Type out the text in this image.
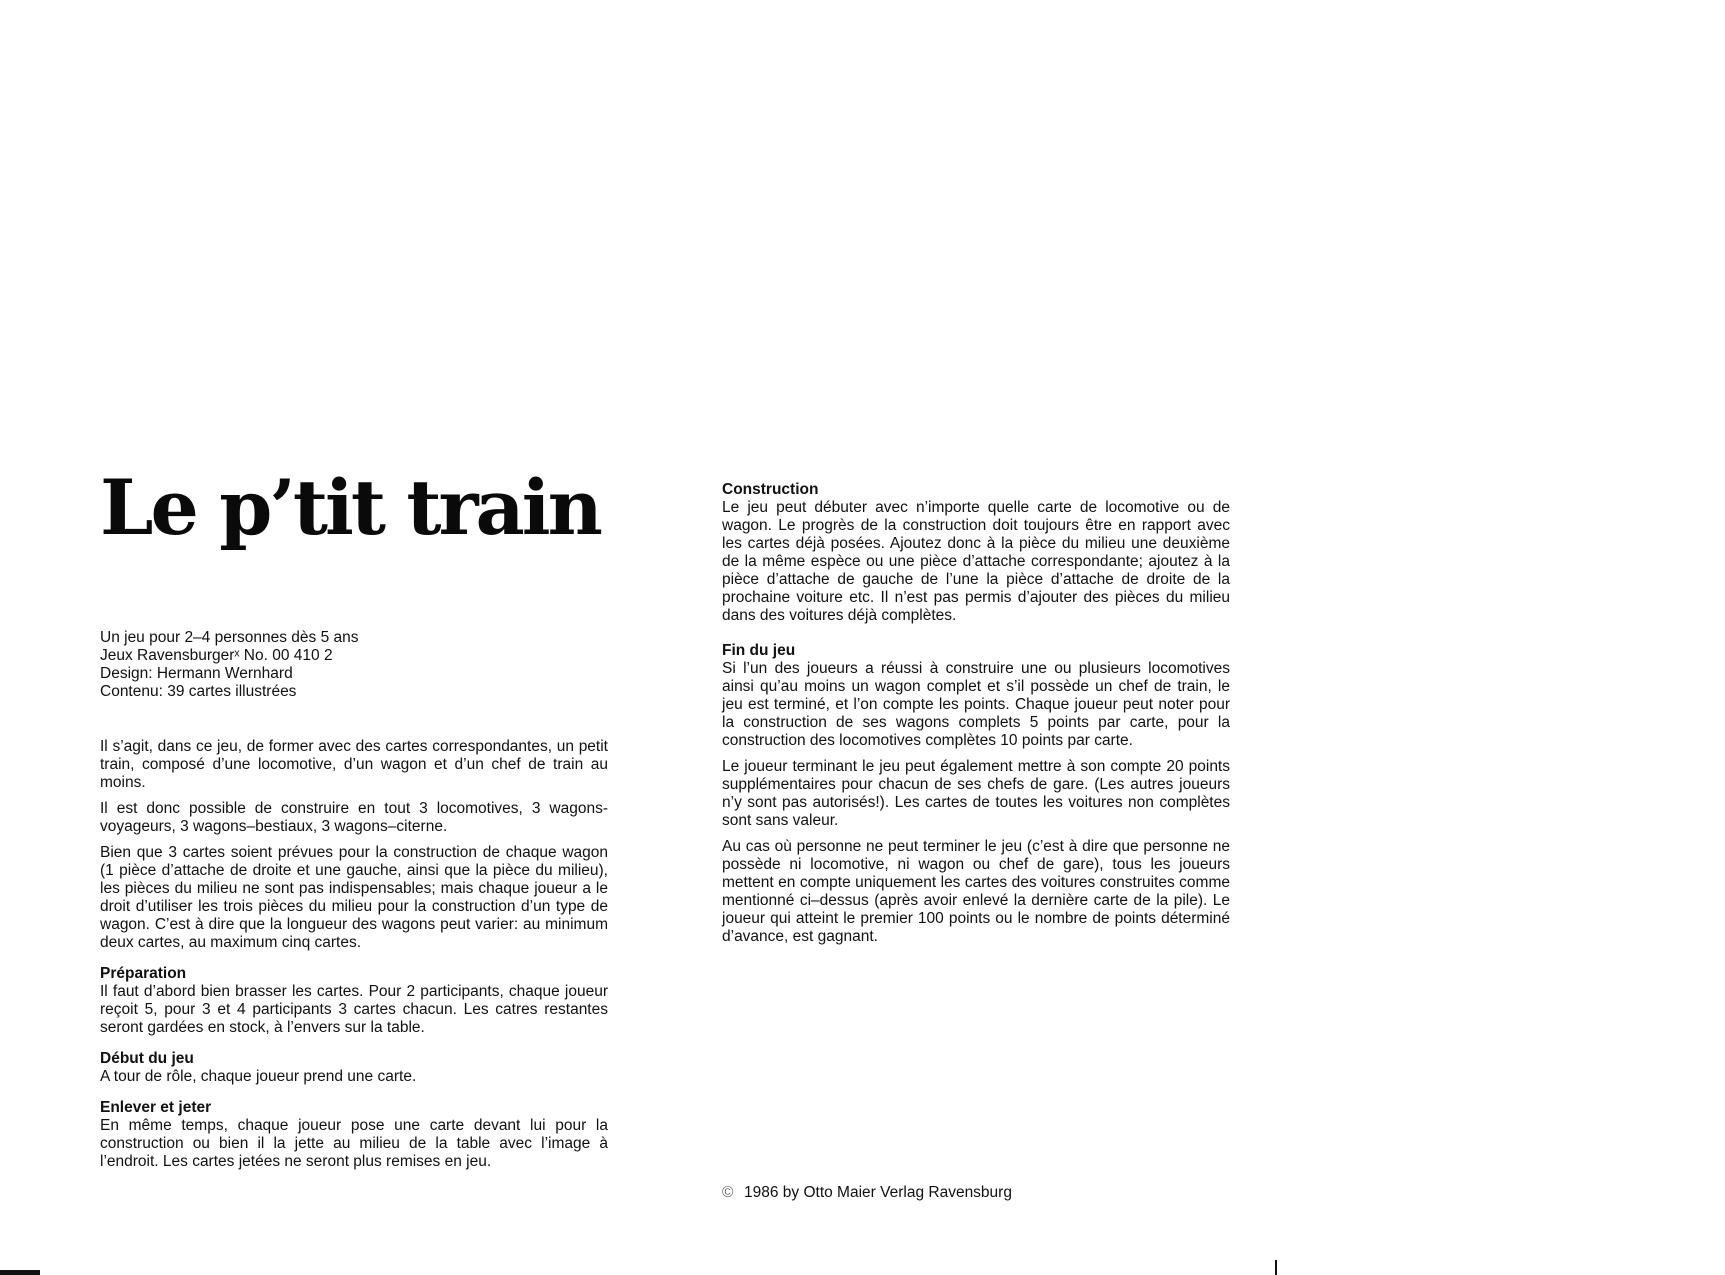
Le p’tit train
Un jeu pour 2–4 personnes dès 5 ans
Jeux Ravensburgerˣ No. 00 410 2
Design: Hermann Wernhard
Contenu: 39 cartes illustrées

Il s’agit, dans ce jeu, de former avec des cartes correspondantes, un petit train, composé d’une locomotive, d’un wagon et d’un chef de train au moins.

Il est donc possible de construire en tout 3 locomotives, 3 wagons-voyageurs, 3 wagons–bestiaux, 3 wagons–citerne.

Bien que 3 cartes soient prévues pour la construction de chaque wagon (1 pièce d’attache de droite et une gauche, ainsi que la pièce du milieu), les pièces du milieu ne sont pas indispensables; mais chaque joueur a le droit d’utiliser les trois pièces du milieu pour la construction d’un type de wagon. C’est à dire que la longueur des wagons peut varier: au minimum deux cartes, au maximum cinq cartes.

Préparation

Il faut d’abord bien brasser les cartes. Pour 2 participants, chaque joueur reçoit 5, pour 3 et 4 participants 3 cartes chacun. Les catres restantes seront gardées en stock, à l’envers sur la table.

Début du jeu

A tour de rôle, chaque joueur prend une carte.

Enlever et jeter

En même temps, chaque joueur pose une carte devant lui pour la construction ou bien il la jette au milieu de la table avec l’image à l’endroit. Les cartes jetées ne seront plus remises en jeu.

Construction

Le jeu peut débuter avec n’importe quelle carte de locomotive ou de wagon. Le progrès de la construction doit toujours être en rapport avec les cartes déjà posées. Ajoutez donc à la pièce du milieu une deuxième de la même espèce ou une pièce d’attache correspondante; ajoutez à la pièce d’attache de gauche de l’une la pièce d’attache de droite de la prochaine voiture etc. Il n’est pas permis d’ajouter des pièces du milieu dans des voitures déjà complètes.

Fin du jeu

Si l’un des joueurs a réussi à construire une ou plusieurs locomotives ainsi qu’au moins un wagon complet et s’il possède un chef de train, le jeu est terminé, et l’on compte les points. Chaque joueur peut noter pour la construction de ses wagons complets 5 points par carte, pour la construction des locomotives complètes 10 points par carte.

Le joueur terminant le jeu peut également mettre à son compte 20 points supplémentaires pour chacun de ses chefs de gare. (Les autres joueurs n’y sont pas autorisés!). Les cartes de toutes les voitures non complètes sont sans valeur.

Au cas où personne ne peut terminer le jeu (c’est à dire que personne ne possède ni locomotive, ni wagon ou chef de gare), tous les joueurs mettent en compte uniquement les cartes des voitures construites comme mentionné ci–dessus (après avoir enlevé la dernière carte de la pile). Le joueur qui atteint le premier 100 points ou le nombre de points déterminé d’avance, est gagnant.

© 1986 by Otto Maier Verlag Ravensburg
